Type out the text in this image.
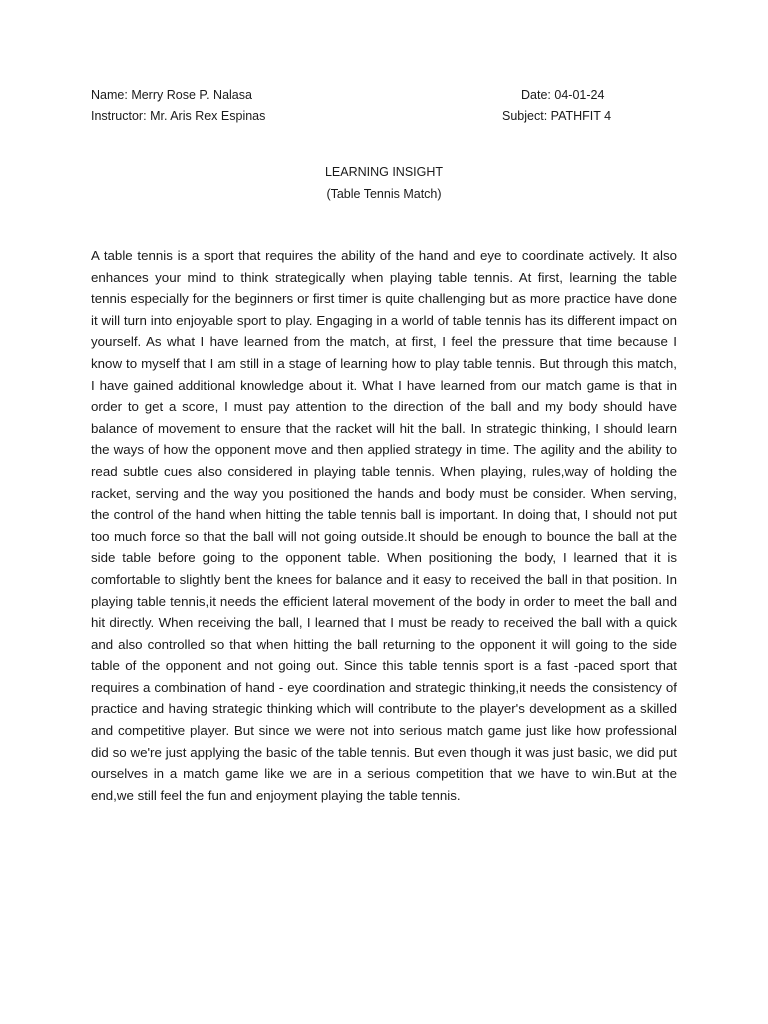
Name: Merry Rose P. Nalasa
Instructor: Mr. Aris Rex Espinas
Date: 04-01-24
Subject: PATHFIT 4
LEARNING INSIGHT
(Table Tennis Match)
A table tennis is a sport that requires the ability of the hand and eye to coordinate actively. It also enhances your mind to think strategically when playing table tennis. At first, learning the table tennis especially for the beginners or first timer is quite challenging but as more practice have done it will turn into enjoyable sport to play. Engaging in a world of table tennis has its different impact on yourself. As what I have learned from the match, at first, I feel the pressure that time because I know to myself that I am still in a stage of learning how to play table tennis. But through this match, I have gained additional knowledge about it. What I have learned from our match game is that in order to get a score, I must pay attention to the direction of the ball and my body should have balance of movement to ensure that the racket will hit the ball. In strategic thinking, I should learn the ways of how the opponent move and then applied strategy in time. The agility and the ability to read subtle cues also considered in playing table tennis. When playing, rules,way of holding the racket, serving and the way you positioned the hands and body must be consider. When serving, the control of the hand when hitting the table tennis ball is important. In doing that, I should not put too much force so that the ball will not going outside.It should be enough to bounce the ball at the side table before going to the opponent table. When positioning the body, I learned that it is comfortable to slightly bent the knees for balance and it easy to received the ball in that position. In playing table tennis,it needs the efficient lateral movement of the body in order to meet the ball and hit directly. When receiving the ball, I learned that I must be ready to received the ball with a quick and also controlled so that when hitting the ball returning to the opponent it will going to the side table of the opponent and not going out. Since this table tennis sport is a fast -paced sport that requires a combination of hand - eye coordination and strategic thinking,it needs the consistency of practice and having strategic thinking which will contribute to the player's development as a skilled and competitive player. But since we were not into serious match game just like how professional did so we're just applying the basic of the table tennis. But even though it was just basic, we did put ourselves in a match game like we are in a serious competition that we have to win.But at the end,we still feel the fun and enjoyment playing the table tennis.
